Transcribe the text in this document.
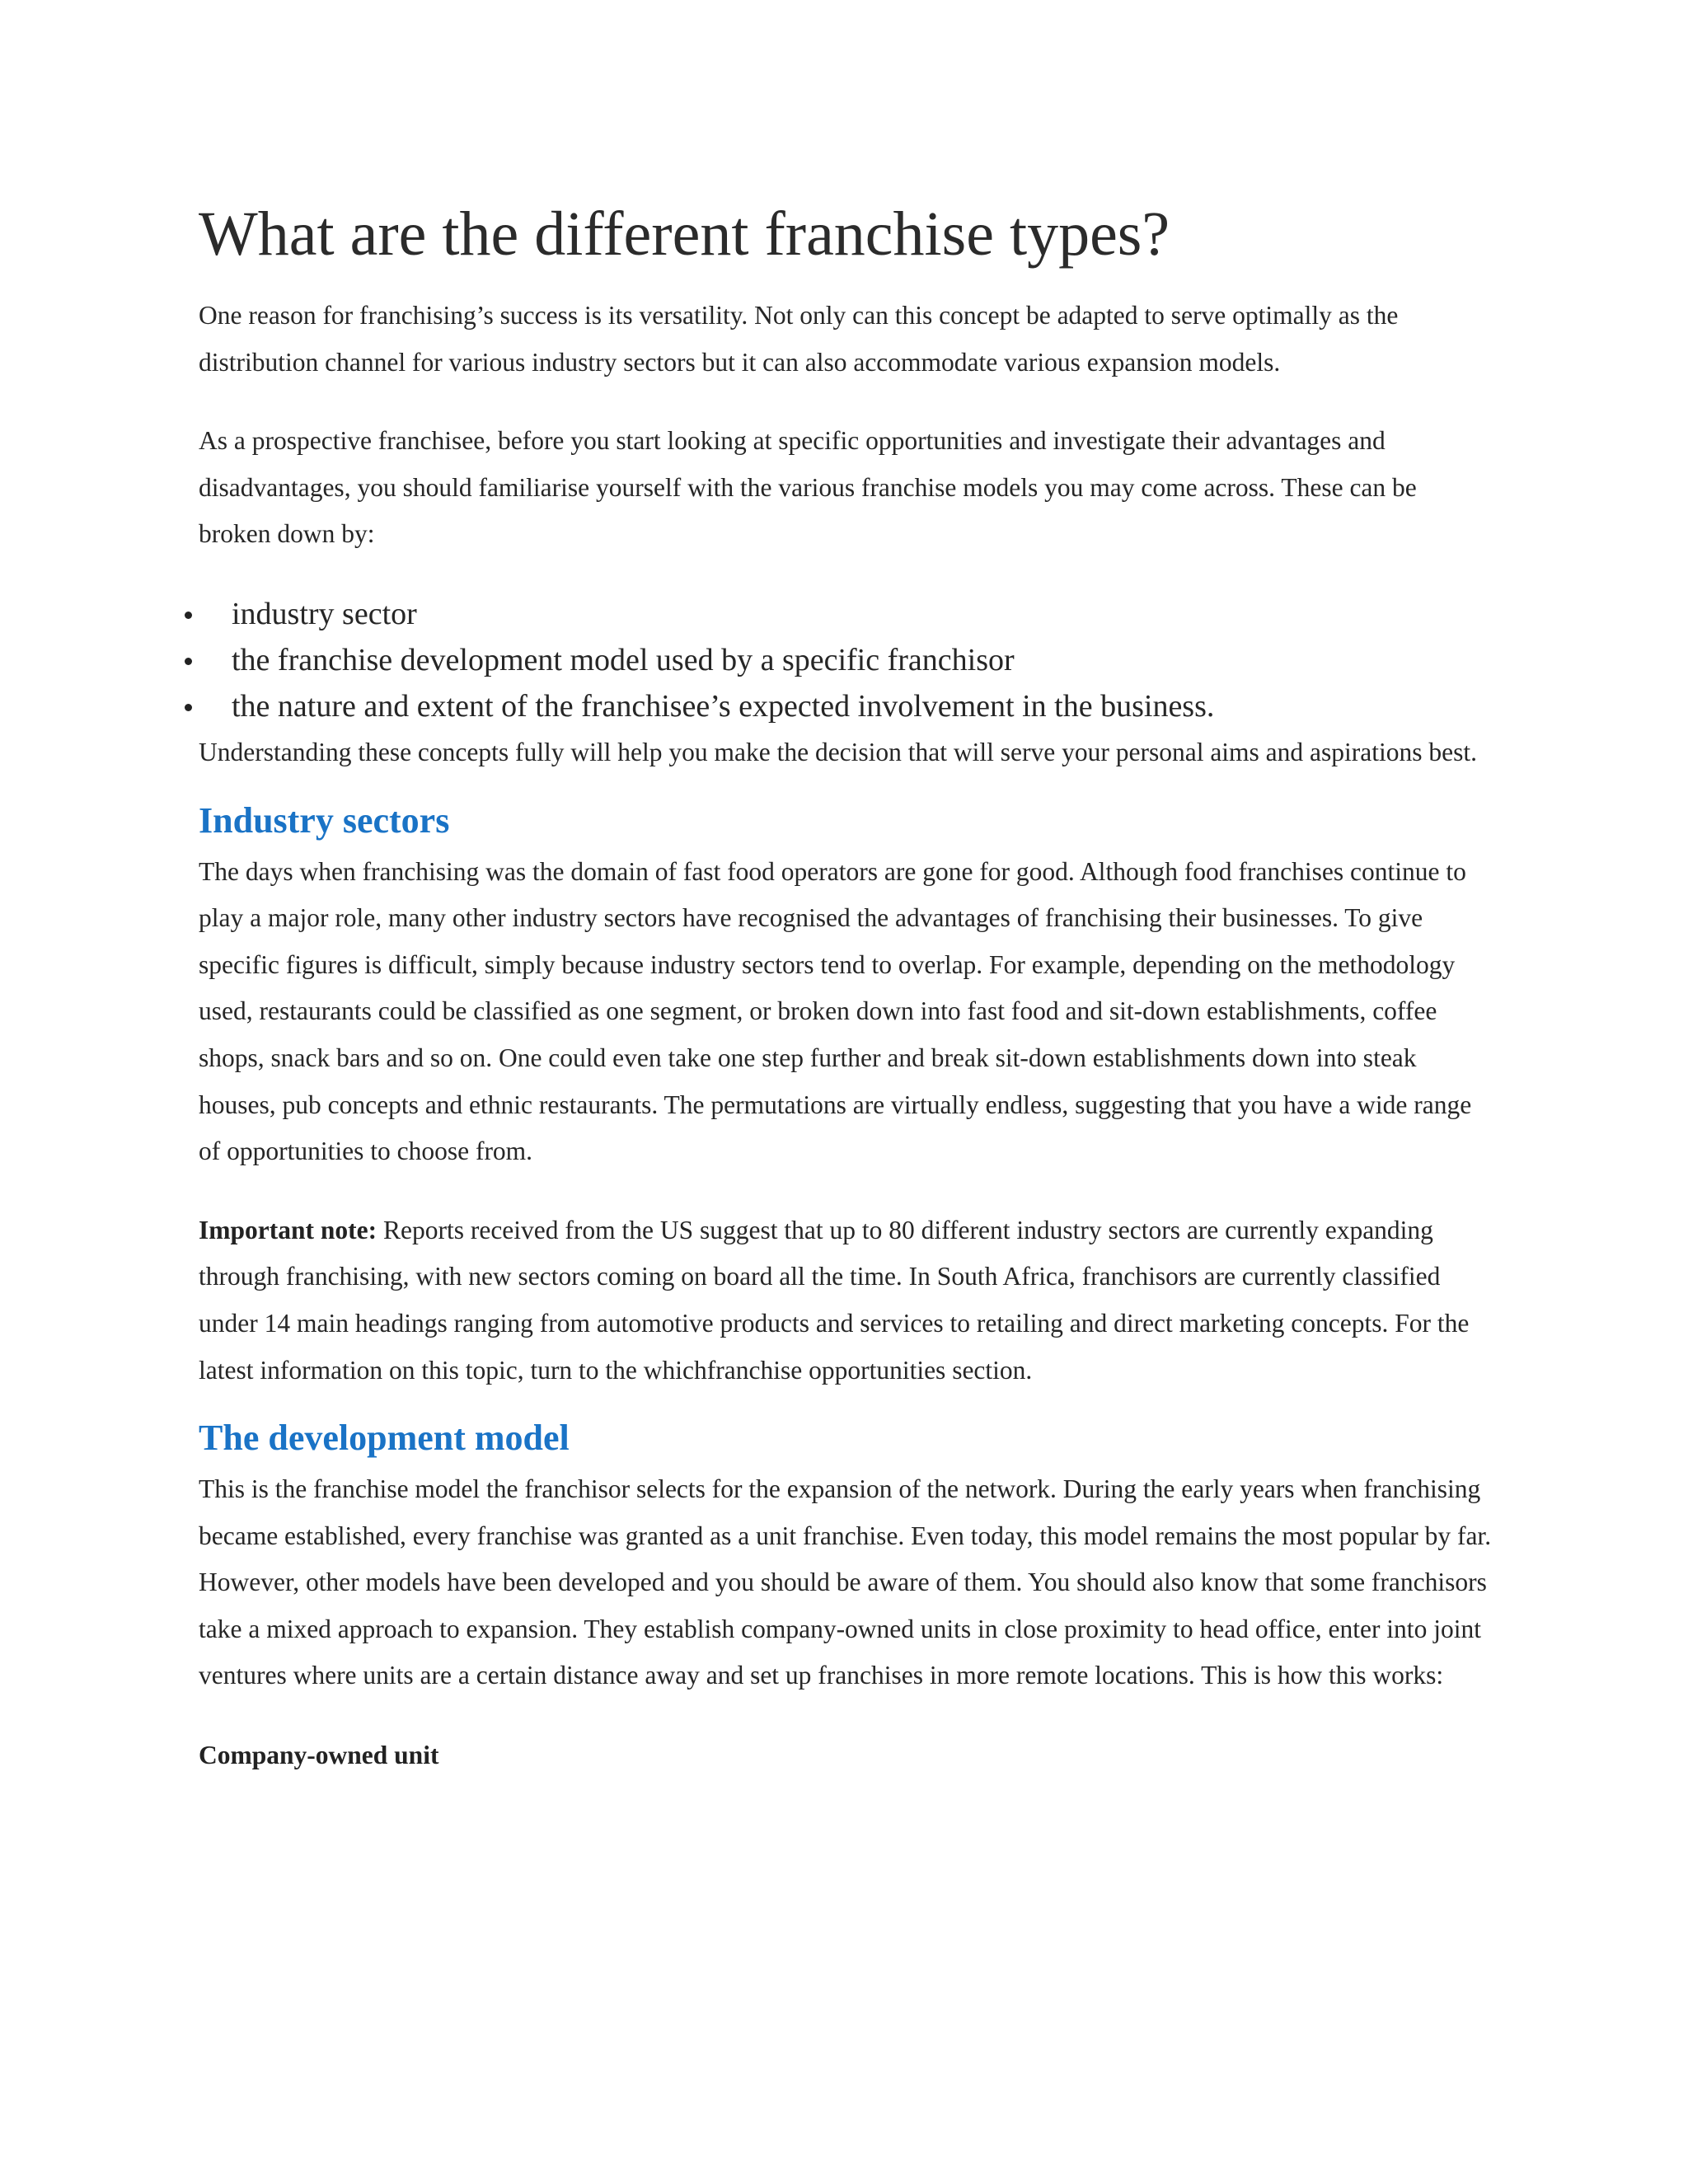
What are the different franchise types?

One reason for franchising’s success is its versatility. Not only can this concept be adapted to serve optimally as the distribution channel for various industry sectors but it can also accommodate various expansion models.

As a prospective franchisee, before you start looking at specific opportunities and investigate their advantages and disadvantages, you should familiarise yourself with the various franchise models you may come across. These can be broken down by:

industry sector
the franchise development model used by a specific franchisor
the nature and extent of the franchisee’s expected involvement in the business.

Understanding these concepts fully will help you make the decision that will serve your personal aims and aspirations best.

Industry sectors

The days when franchising was the domain of fast food operators are gone for good. Although food franchises continue to play a major role, many other industry sectors have recognised the advantages of franchising their businesses. To give specific figures is difficult, simply because industry sectors tend to overlap. For example, depending on the methodology used, restaurants could be classified as one segment, or broken down into fast food and sit-down establishments, coffee shops, snack bars and so on. One could even take one step further and break sit-down establishments down into steak houses, pub concepts and ethnic restaurants. The permutations are virtually endless, suggesting that you have a wide range of opportunities to choose from.

Important note: Reports received from the US suggest that up to 80 different industry sectors are currently expanding through franchising, with new sectors coming on board all the time. In South Africa, franchisors are currently classified under 14 main headings ranging from automotive products and services to retailing and direct marketing concepts. For the latest information on this topic, turn to the whichfranchise opportunities section.

The development model

This is the franchise model the franchisor selects for the expansion of the network. During the early years when franchising became established, every franchise was granted as a unit franchise. Even today, this model remains the most popular by far. However, other models have been developed and you should be aware of them. You should also know that some franchisors take a mixed approach to expansion. They establish company-owned units in close proximity to head office, enter into joint ventures where units are a certain distance away and set up franchises in more remote locations. This is how this works:

Company-owned unit
